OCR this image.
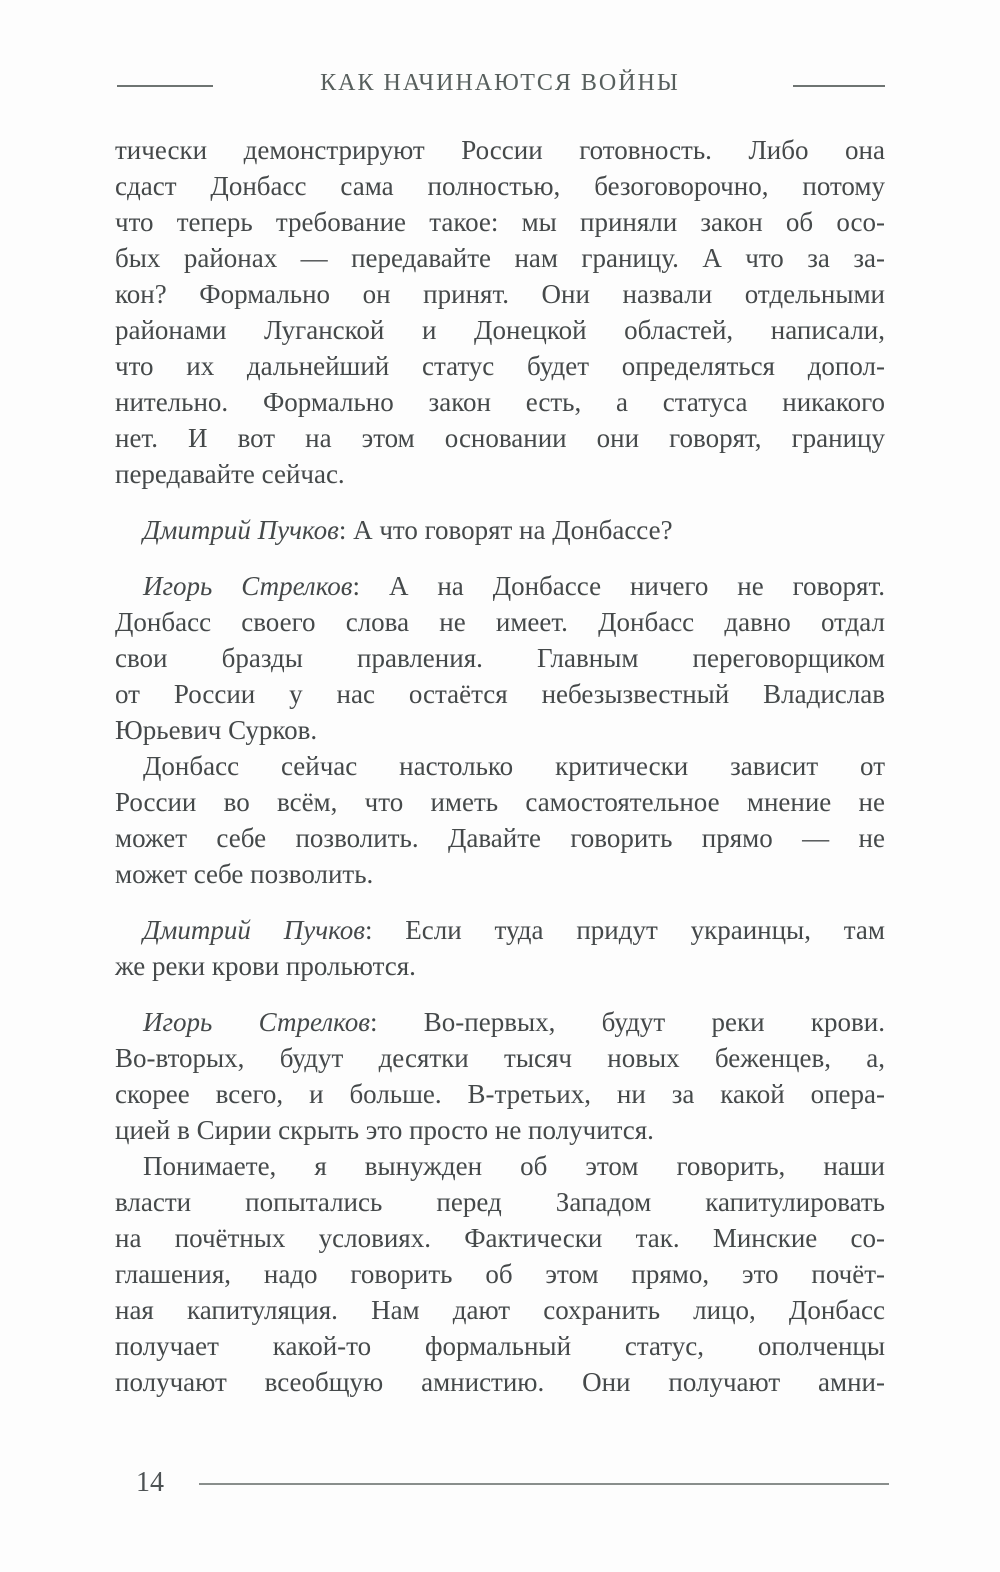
КАК НАЧИНАЮТСЯ ВОЙНЫ
тически демонстрируют России готовность. Либо она
сдаст Донбасс сама полностью, безоговорочно, потому
что теперь требование такое: мы приняли закон об осо-
бых районах — передавайте нам границу. А что за за-
кон? Формально он принят. Они назвали отдельными
районами Луганской и Донецкой областей, написали,
что их дальнейший статус будет определяться допол-
нительно. Формально закон есть, а статуса никакого
нет. И вот на этом основании они говорят, границу
передавайте сейчас.
Дмитрий Пучков: А что говорят на Донбассе?
Игорь Стрелков: А на Донбассе ничего не говорят.
Донбасс своего слова не имеет. Донбасс давно отдал
свои бразды правления. Главным переговорщиком
от России у нас остаётся небезызвестный Владислав
Юрьевич Сурков.
Донбасс сейчас настолько критически зависит от
России во всём, что иметь самостоятельное мнение не
может себе позволить. Давайте говорить прямо — не
может себе позволить.
Дмитрий Пучков: Если туда придут украинцы, там
же реки крови прольются.
Игорь Стрелков: Во-первых, будут реки крови.
Во-вторых, будут десятки тысяч новых беженцев, а,
скорее всего, и больше. В-третьих, ни за какой опера-
цией в Сирии скрыть это просто не получится.
Понимаете, я вынужден об этом говорить, наши
власти попытались перед Западом капитулировать
на почётных условиях. Фактически так. Минские со-
глашения, надо говорить об этом прямо, это почёт-
ная капитуляция. Нам дают сохранить лицо, Донбасс
получает какой-то формальный статус, ополченцы
получают всеобщую амнистию. Они получают амни-
14
